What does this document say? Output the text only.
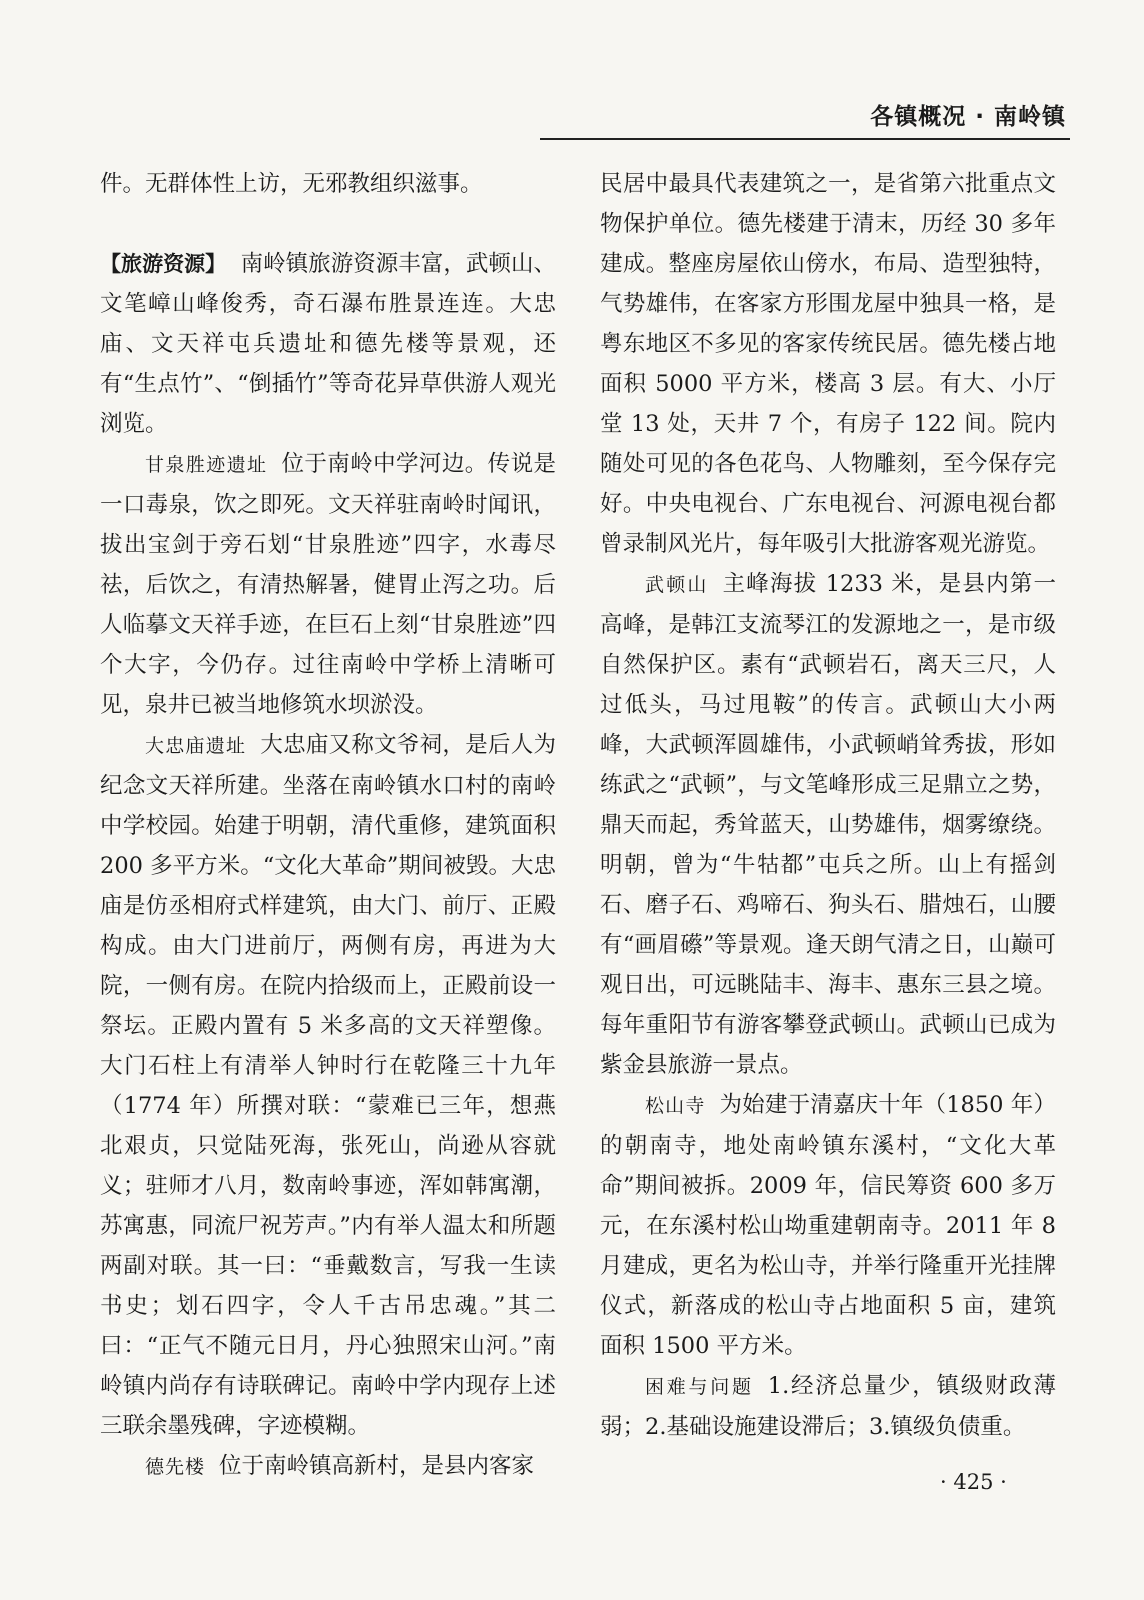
各镇概况 · 南岭镇

件。无群体性上访，无邪教组织滋事。

【旅游资源】 南岭镇旅游资源丰富，武顿山、文笔嶂山峰俊秀，奇石瀑布胜景连连。大忠庙、文天祥屯兵遗址和德先楼等景观，还有“生点竹”、“倒插竹”等奇花异草供游人观光浏览。

甘泉胜迹遗址 位于南岭中学河边。传说是一口毒泉，饮之即死。文天祥驻南岭时闻讯，拔出宝剑于旁石划“甘泉胜迹”四字，水毒尽祛，后饮之，有清热解暑，健胃止泻之功。后人临摹文天祥手迹，在巨石上刻“甘泉胜迹”四个大字，今仍存。过往南岭中学桥上清晰可见，泉井已被当地修筑水坝淤没。

大忠庙遗址 大忠庙又称文爷祠，是后人为纪念文天祥所建。坐落在南岭镇水口村的南岭中学校园。始建于明朝，清代重修，建筑面积 200 多平方米。“文化大革命”期间被毁。大忠庙是仿丞相府式样建筑，由大门、前厅、正殿构成。由大门进前厅，两侧有房，再进为大院，一侧有房。在院内拾级而上，正殿前设一祭坛。正殿内置有 5 米多高的文天祥塑像。大门石柱上有清举人钟时行在乾隆三十九年（1774 年）所撰对联：“蒙难已三年，想燕北艰贞，只觉陆死海，张死山，尚逊从容就义；驻师才八月，数南岭事迹，浑如韩寓潮，苏寓惠，同流尸祝芳声。”内有举人温太和所题两副对联。其一曰：“垂戴数言，写我一生读书史；划石四字，令人千古吊忠魂。”其二曰：“正气不随元日月，丹心独照宋山河。”南岭镇内尚存有诗联碑记。南岭中学内现存上述三联余墨残碑，字迹模糊。

德先楼 位于南岭镇高新村，是县内客家

民居中最具代表建筑之一，是省第六批重点文物保护单位。德先楼建于清末，历经 30 多年建成。整座房屋依山傍水，布局、造型独特，气势雄伟，在客家方形围龙屋中独具一格，是粤东地区不多见的客家传统民居。德先楼占地面积 5000 平方米，楼高 3 层。有大、小厅堂 13 处，天井 7 个，有房子 122 间。院内随处可见的各色花鸟、人物雕刻，至今保存完好。中央电视台、广东电视台、河源电视台都曾录制风光片，每年吸引大批游客观光游览。

武顿山 主峰海拔 1233 米，是县内第一高峰，是韩江支流琴江的发源地之一，是市级自然保护区。素有“武顿岩石，离天三尺，人过低头，马过甩鞍”的传言。武顿山大小两峰，大武顿浑圆雄伟，小武顿峭耸秀拔，形如练武之“武顿”，与文笔峰形成三足鼎立之势，鼎天而起，秀耸蓝天，山势雄伟，烟雾缭绕。明朝，曾为“牛牯都”屯兵之所。山上有摇剑石、磨子石、鸡啼石、狗头石、腊烛石，山腰有“画眉礤”等景观。逢天朗气清之日，山巅可观日出，可远眺陆丰、海丰、惠东三县之境。每年重阳节有游客攀登武顿山。武顿山已成为紫金县旅游一景点。

松山寺 为始建于清嘉庆十年（1850 年）的朝南寺，地处南岭镇东溪村，“文化大革命”期间被拆。2009 年，信民筹资 600 多万元，在东溪村松山坳重建朝南寺。2011 年 8 月建成，更名为松山寺，并举行隆重开光挂牌仪式，新落成的松山寺占地面积 5 亩，建筑面积 1500 平方米。

困难与问题 1.经济总量少，镇级财政薄弱；2.基础设施建设滞后；3.镇级负债重。

· 425 ·
